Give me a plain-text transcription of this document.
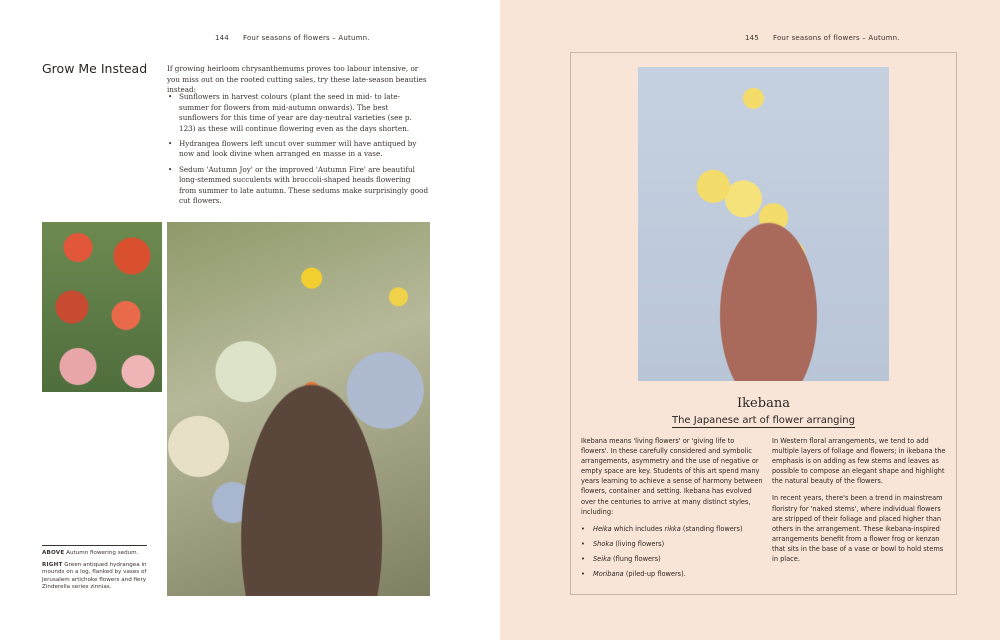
144 Four seasons of flowers – Autumn.
Grow Me Instead	If growing heirloom chrysanthemums proves too labour intensive, or you miss out on the rooted cutting sales, try these late-season beauties instead:

• Sunflowers in harvest colours (plant the seed in mid- to late-summer for flowers from mid-autumn onwards). The best sunflowers for this time of year are day-neutral varieties (see p. 123) as these will continue flowering even as the days shorten.
• Hydrangea flowers left uncut over summer will have antiqued by now and look divine when arranged en masse in a vase.
• Sedum 'Autumn Joy' or the improved 'Autumn Fire' are beautiful long-stemmed succulents with broccoli-shaped heads flowering from summer to late autumn. These sedums make surprisingly good cut flowers.

ABOVE Autumn flowering sedum.

RIGHT Green antiqued hydrangea in mounds on a log, flanked by vases of Jerusalem artichoke flowers and fiery Zinderella series zinnias.

145 Four seasons of flowers – Autumn.
Ikebana
The Japanese art of flower arranging

Ikebana means 'living flowers' or 'giving life to flowers'. In these carefully considered and symbolic arrangements, asymmetry and the use of negative or empty space are key. Students of this art spend many years learning to achieve a sense of harmony between flowers, container and setting. Ikebana has evolved over the centuries to arrive at many distinct styles, including:

• Heika which includes rikka (standing flowers)
• Shoka (living flowers)
• Seika (flung flowers)
• Moribana (piled-up flowers).

In Western floral arrangements, we tend to add multiple layers of foliage and flowers; in ikebana the emphasis is on adding as few stems and leaves as possible to compose an elegant shape and highlight the natural beauty of the flowers.

In recent years, there's been a trend in mainstream floristry for 'naked stems', where individual flowers are stripped of their foliage and placed higher than others in the arrangement. These ikebana-inspired arrangements benefit from a flower frog or kenzan that sits in the base of a vase or bowl to hold stems in place.
